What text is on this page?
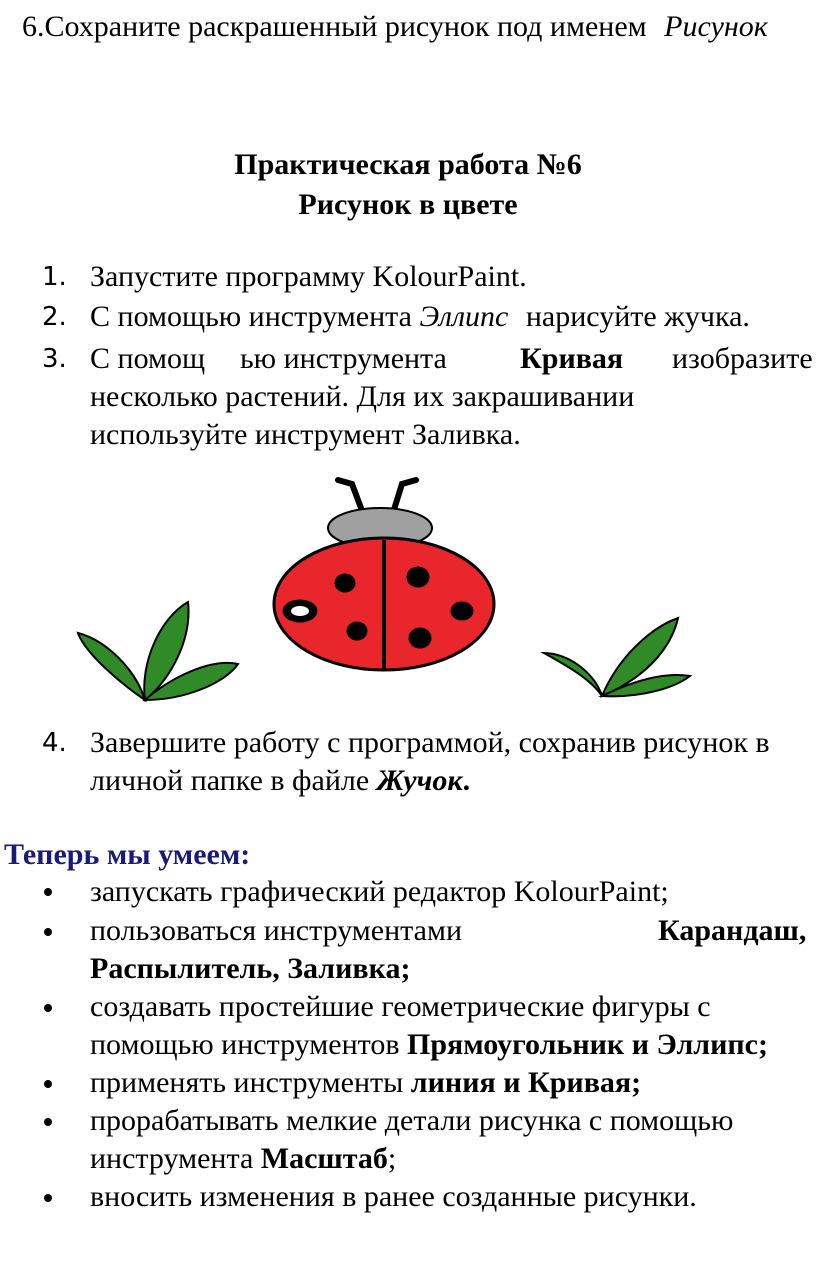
6.Сохраните раскрашенный рисунок под именем Рисунок
Практическая работа №6
Рисунок в цвете
1. Запустите программу KolourPaint.
2. С помощью инструмента Эллипс нарисуйте жучка.
3. С помощ ью инструмента Кривая изобразите
несколько растений. Для их закрашивании
используйте инструмент Заливка.
4. Завершите работу с программой, сохранив рисунок в
личной папке в файле Жучок.
Теперь мы умеем:
запускать графический редактор KolourPaint;
пользоваться инструментами	Карандаш,
Распылитель, Заливка;
создавать простейшие геометрические фигуры с
помощью инструментов Прямоугольник и Эллипс;
применять инструменты линия и Кривая;
прорабатывать мелкие детали рисунка с помощью
инструмента Масштаб;
вносить изменения в ранее созданные рисунки.
